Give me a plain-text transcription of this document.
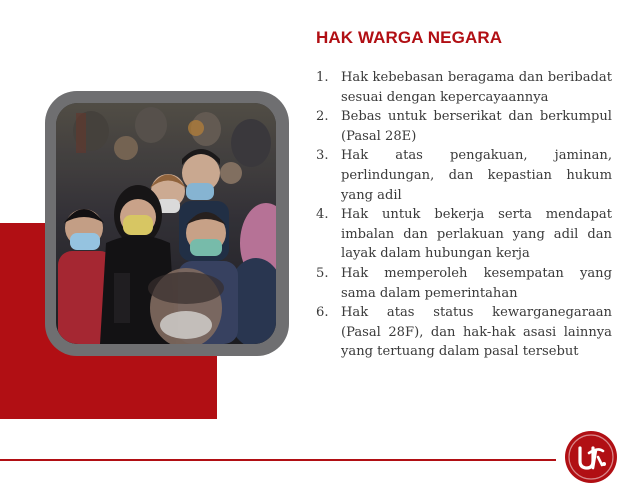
HAK WARGA NEGARA
1. Hak kebebasan beragama dan beribadat sesuai dengan kepercayaannya
2. Bebas untuk berserikat dan berkumpul (Pasal 28E)
3. Hak atas pengakuan, jaminan, perlindungan, dan kepastian hukum yang adil
4. Hak untuk bekerja serta mendapat imbalan dan perlakuan yang adil dan layak dalam hubungan kerja
5. Hak memperoleh kesempatan yang sama dalam pemerintahan
6. Hak atas status kewarganegaraan (Pasal 28F), dan hak-hak asasi lainnya yang tertuang dalam pasal tersebut
